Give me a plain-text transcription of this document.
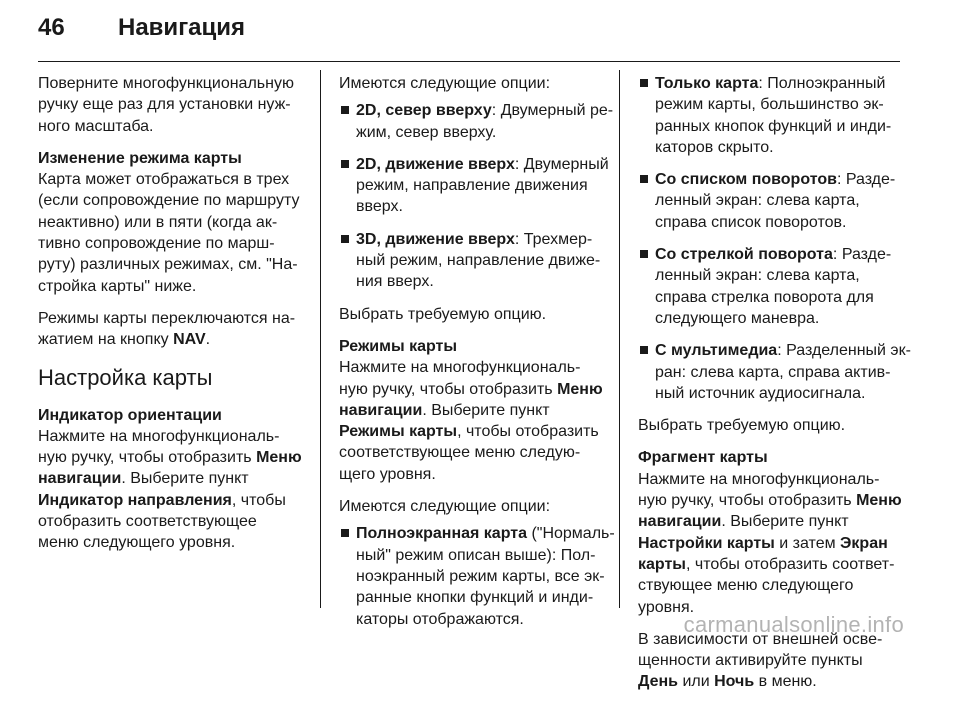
46 Навигация

Поверните многофункциональную
ручку еще раз для установки нуж-
ного масштаба.

Изменение режима карты
Карта может отображаться в трех
(если сопровождение по маршруту
неактивно) или в пяти (когда ак-
тивно сопровождение по марш-
руту) различных режимах, см. "На-
стройка карты" ниже.

Режимы карты переключаются на-
жатием на кнопку NAV.

Настройка карты

Индикатор ориентации
Нажмите на многофункциональ-
ную ручку, чтобы отобразить Меню
навигации. Выберите пункт
Индикатор направления, чтобы
отобразить соответствующее
меню следующего уровня.

Имеются следующие опции:

2D, север вверху: Двумерный ре-
жим, север вверху.
2D, движение вверх: Двумерный
режим, направление движения
вверх.
3D, движение вверх: Трехмер-
ный режим, направление движе-
ния вверх.

Выбрать требуемую опцию.

Режимы карты
Нажмите на многофункциональ-
ную ручку, чтобы отобразить Меню
навигации. Выберите пункт
Режимы карты, чтобы отобразить
соответствующее меню следую-
щего уровня.

Имеются следующие опции:

Полноэкранная карта ("Нормаль-
ный" режим описан выше): Пол-
ноэкранный режим карты, все эк-
ранные кнопки функций и инди-
каторы отображаются.
Только карта: Полноэкранный
режим карты, большинство эк-
ранных кнопок функций и инди-
каторов скрыто.
Со списком поворотов: Разде-
ленный экран: слева карта,
справа список поворотов.
Со стрелкой поворота: Разде-
ленный экран: слева карта,
справа стрелка поворота для
следующего маневра.
С мультимедиа: Разделенный эк-
ран: слева карта, справа актив-
ный источник аудиосигнала.

Выбрать требуемую опцию.

Фрагмент карты
Нажмите на многофункциональ-
ную ручку, чтобы отобразить Меню
навигации. Выберите пункт
Настройки карты и затем Экран
карты, чтобы отобразить соответ-
ствующее меню следующего
уровня.

В зависимости от внешней осве-
щенности активируйте пункты
День или Ночь в меню.

carmanualsonline.info
